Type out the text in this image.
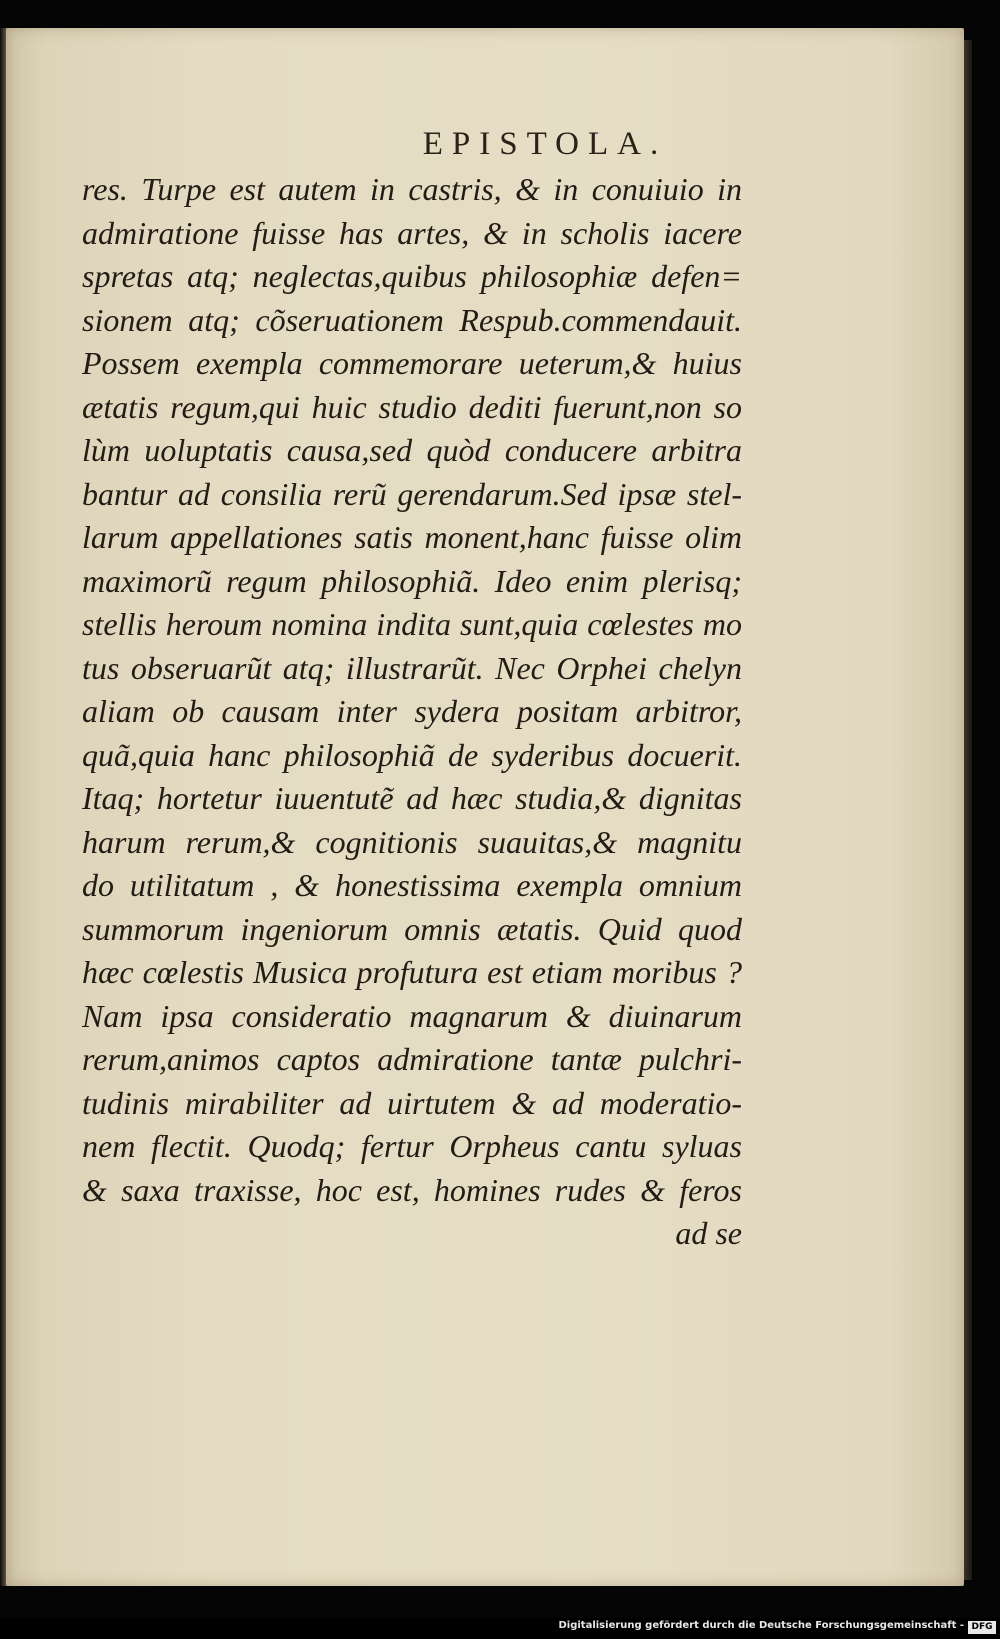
EPISTOLA.
res. Turpe est autem in castris, & in conuiuio in
admiratione fuisse has artes, & in scholis iacere
spretas atq; neglectas,quibus philosophiæ defen=
sionem atq; cõseruationem Respub.commendauit.
Possem exempla commemorare ueterum,& huius
ætatis regum,qui huic studio dediti fuerunt,non so
lùm uoluptatis causa,sed quòd conducere arbitra
bantur ad consilia rerũ gerendarum.Sed ipsæ stel-
larum appellationes satis monent,hanc fuisse olim
maximorũ regum philosophiã. Ideo enim plerisq;
stellis heroum nomina indita sunt,quia cœlestes mo
tus obseruarũt atq; illustrarũt. Nec Orphei chelyn
aliam ob causam inter sydera positam arbitror,
quã,quia hanc philosophiã de syderibus docuerit.
Itaq; hortetur iuuentutẽ ad hæc studia,& dignitas
harum rerum,& cognitionis suauitas,& magnitu
do utilitatum , & honestissima exempla omnium
summorum ingeniorum omnis ætatis. Quid quod
hæc cœlestis Musica profutura est etiam moribus ?
Nam ipsa consideratio magnarum & diuinarum
rerum,animos captos admiratione tantæ pulchri-
tudinis mirabiliter ad uirtutem & ad moderatio-
nem flectit. Quodq; fertur Orpheus cantu syluas
& saxa traxisse, hoc est, homines rudes & feros
ad se
Digitalisierung gefördert durch die Deutsche Forschungsgemeinschaft - DFG
